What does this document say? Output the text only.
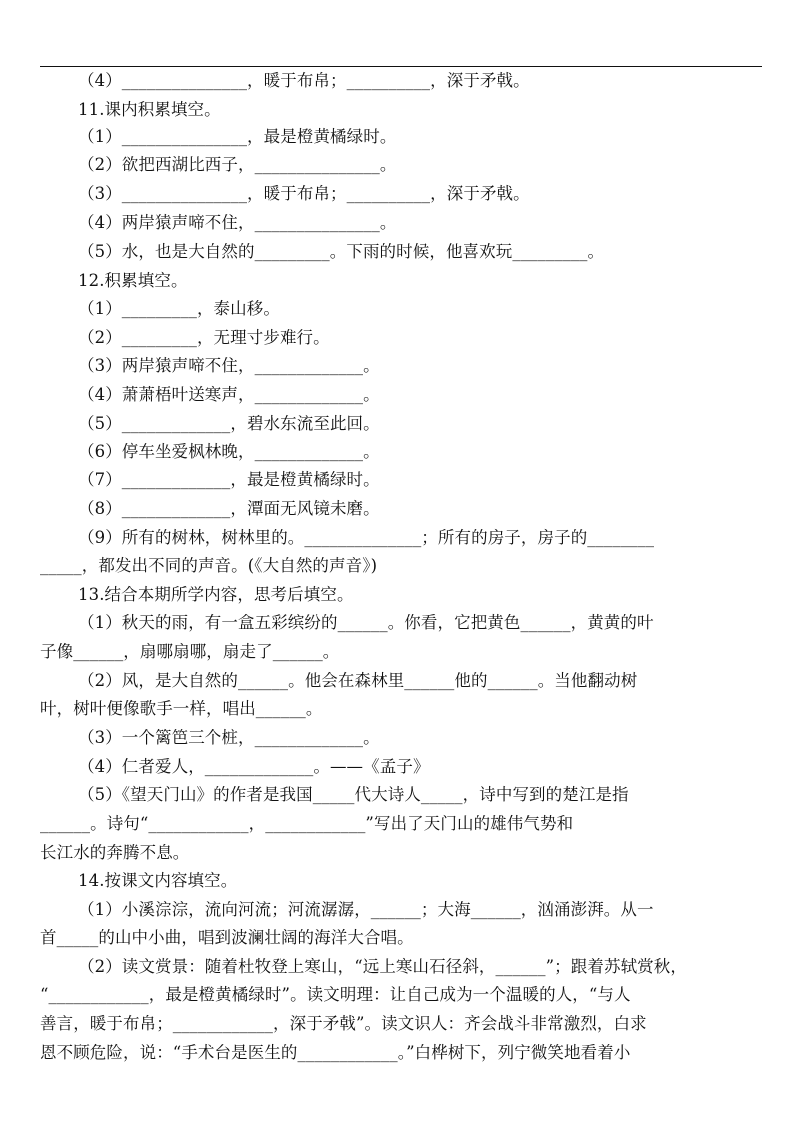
（4）_______________，暖于布帛；__________，深于矛戟。
11.课内积累填空。
（1）_______________，最是橙黄橘绿时。
（2）欲把西湖比西子，_______________。
（3）_______________，暖于布帛；__________，深于矛戟。
（4）两岸猿声啼不住，_______________。
（5）水，也是大自然的_________。下雨的时候，他喜欢玩_________。
12.积累填空。
（1）_________，泰山移。
（2）_________，无理寸步难行。
（3）两岸猿声啼不住，_____________。
（4）萧萧梧叶送寒声，_____________。
（5）_____________，碧水东流至此回。
（6）停车坐爱枫林晚，_____________。
（7）_____________，最是橙黄橘绿时。
（8）_____________，潭面无风镜未磨。
（9）所有的树林，树林里的。______________；所有的房子，房子的________
_____，都发出不同的声音。(《大自然的声音》)
13.结合本期所学内容，思考后填空。
（1）秋天的雨，有一盒五彩缤纷的______。你看，它把黄色______，黄黄的叶
子像______，扇哪扇哪，扇走了______。
（2）风，是大自然的______。他会在森林里______他的______。当他翻动树
叶，树叶便像歌手一样，唱出______。
（3）一个篱笆三个桩，_____________。
（4）仁者爱人，_____________。——《孟子》
（5）《望天门山》的作者是我国_____代大诗人_____，诗中写到的楚江是指
______。诗句“____________，____________”写出了天门山的雄伟气势和
长江水的奔腾不息。
14.按课文内容填空。
（1）小溪淙淙，流向河流；河流潺潺，______；大海______，汹涌澎湃。从一
首_____的山中小曲，唱到波澜壮阔的海洋大合唱。
（2）读文赏景：随着杜牧登上寒山，“远上寒山石径斜，______”；跟着苏轼赏秋，
“____________，最是橙黄橘绿时”。读文明理：让自己成为一个温暖的人，“与人
善言，暖于布帛；____________，深于矛戟”。读文识人：齐会战斗非常激烈，白求
恩不顾危险，说：“手术台是医生的____________。”白桦树下，列宁微笑地看着小
